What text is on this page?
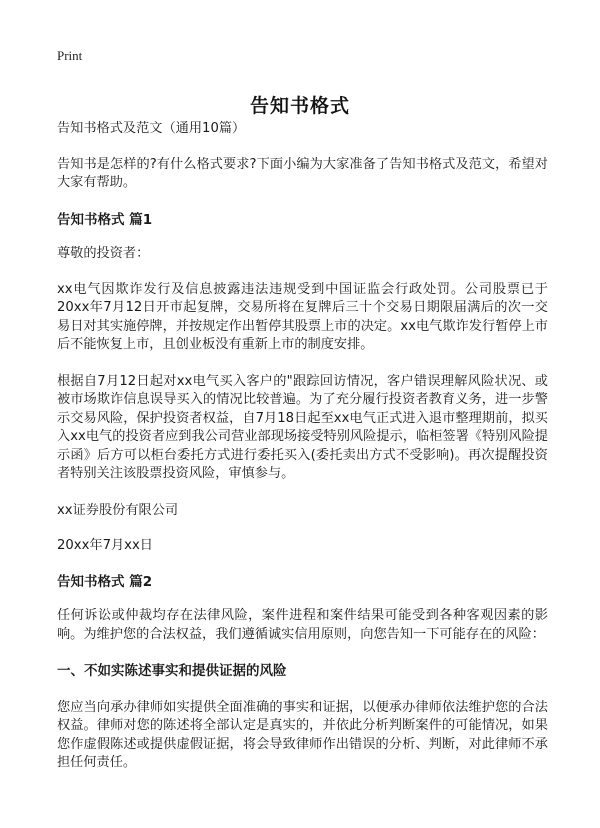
Print
告知书格式

告知书格式及范文（通用10篇）

告知书是怎样的?有什么格式要求?下面小编为大家准备了告知书格式及范文，希望对大家有帮助。

告知书格式 篇1

尊敬的投资者：

xx电气因欺诈发行及信息披露违法违规受到中国证监会行政处罚。公司股票已于20xx年7月12日开市起复牌，交易所将在复牌后三十个交易日期限届满后的次一交易日对其实施停牌，并按规定作出暂停其股票上市的决定。xx电气欺诈发行暂停上市后不能恢复上市，且创业板没有重新上市的制度安排。

根据自7月12日起对xx电气买入客户的"跟踪回访情况，客户错误理解风险状况、或被市场欺诈信息误导买入的情况比较普遍。为了充分履行投资者教育义务，进一步警示交易风险，保护投资者权益，自7月18日起至xx电气正式进入退市整理期前，拟买入xx电气的投资者应到我公司营业部现场接受特别风险提示，临柜签署《特别风险提示函》后方可以柜台委托方式进行委托买入(委托卖出方式不受影响)。再次提醒投资者特别关注该股票投资风险，审慎参与。

xx证券股份有限公司

20xx年7月xx日

告知书格式 篇2

任何诉讼或仲裁均存在法律风险，案件进程和案件结果可能受到各种客观因素的影响。为维护您的合法权益，我们遵循诚实信用原则，向您告知一下可能存在的风险：

一、不如实陈述事实和提供证据的风险

您应当向承办律师如实提供全面准确的事实和证据，以便承办律师依法维护您的合法权益。律师对您的陈述将全部认定是真实的，并依此分析判断案件的可能情况，如果您作虚假陈述或提供虚假证据，将会导致律师作出错误的分析、判断，对此律师不承担任何责任。
